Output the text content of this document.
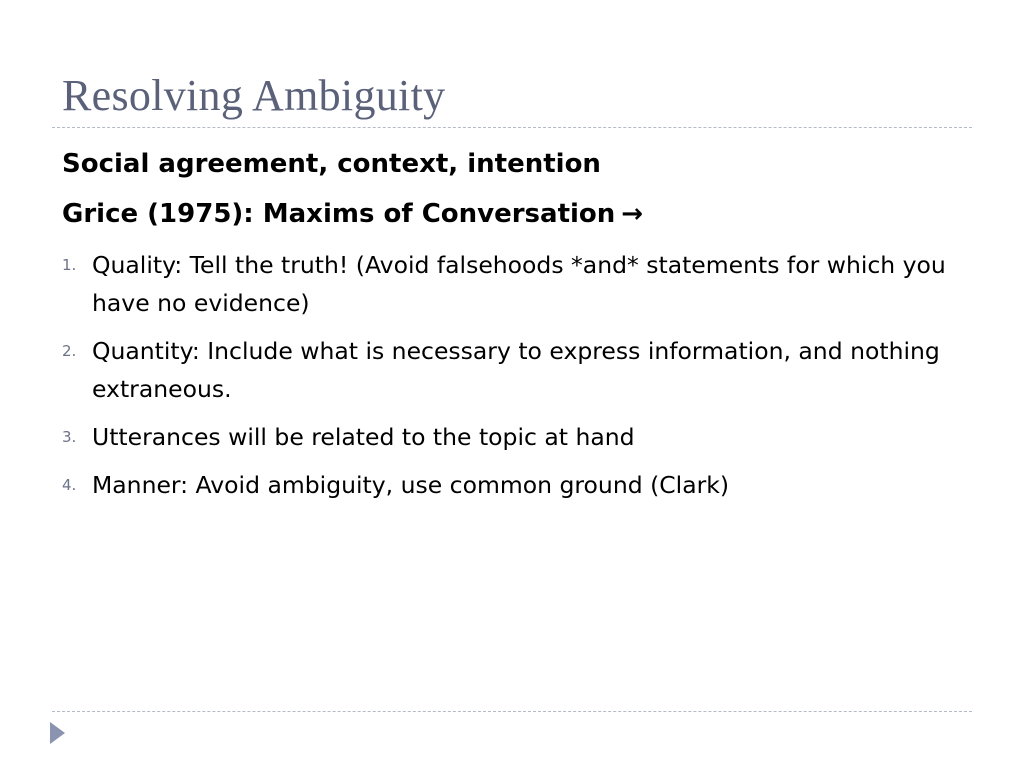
Resolving Ambiguity
Social agreement, context, intention
Grice (1975): Maxims of Conversation →
1. Quality: Tell the truth! (Avoid falsehoods *and* statements for which you have no evidence)
2. Quantity: Include what is necessary to express information, and nothing extraneous.
3. Utterances will be related to the topic at hand
4. Manner: Avoid ambiguity, use common ground (Clark)
